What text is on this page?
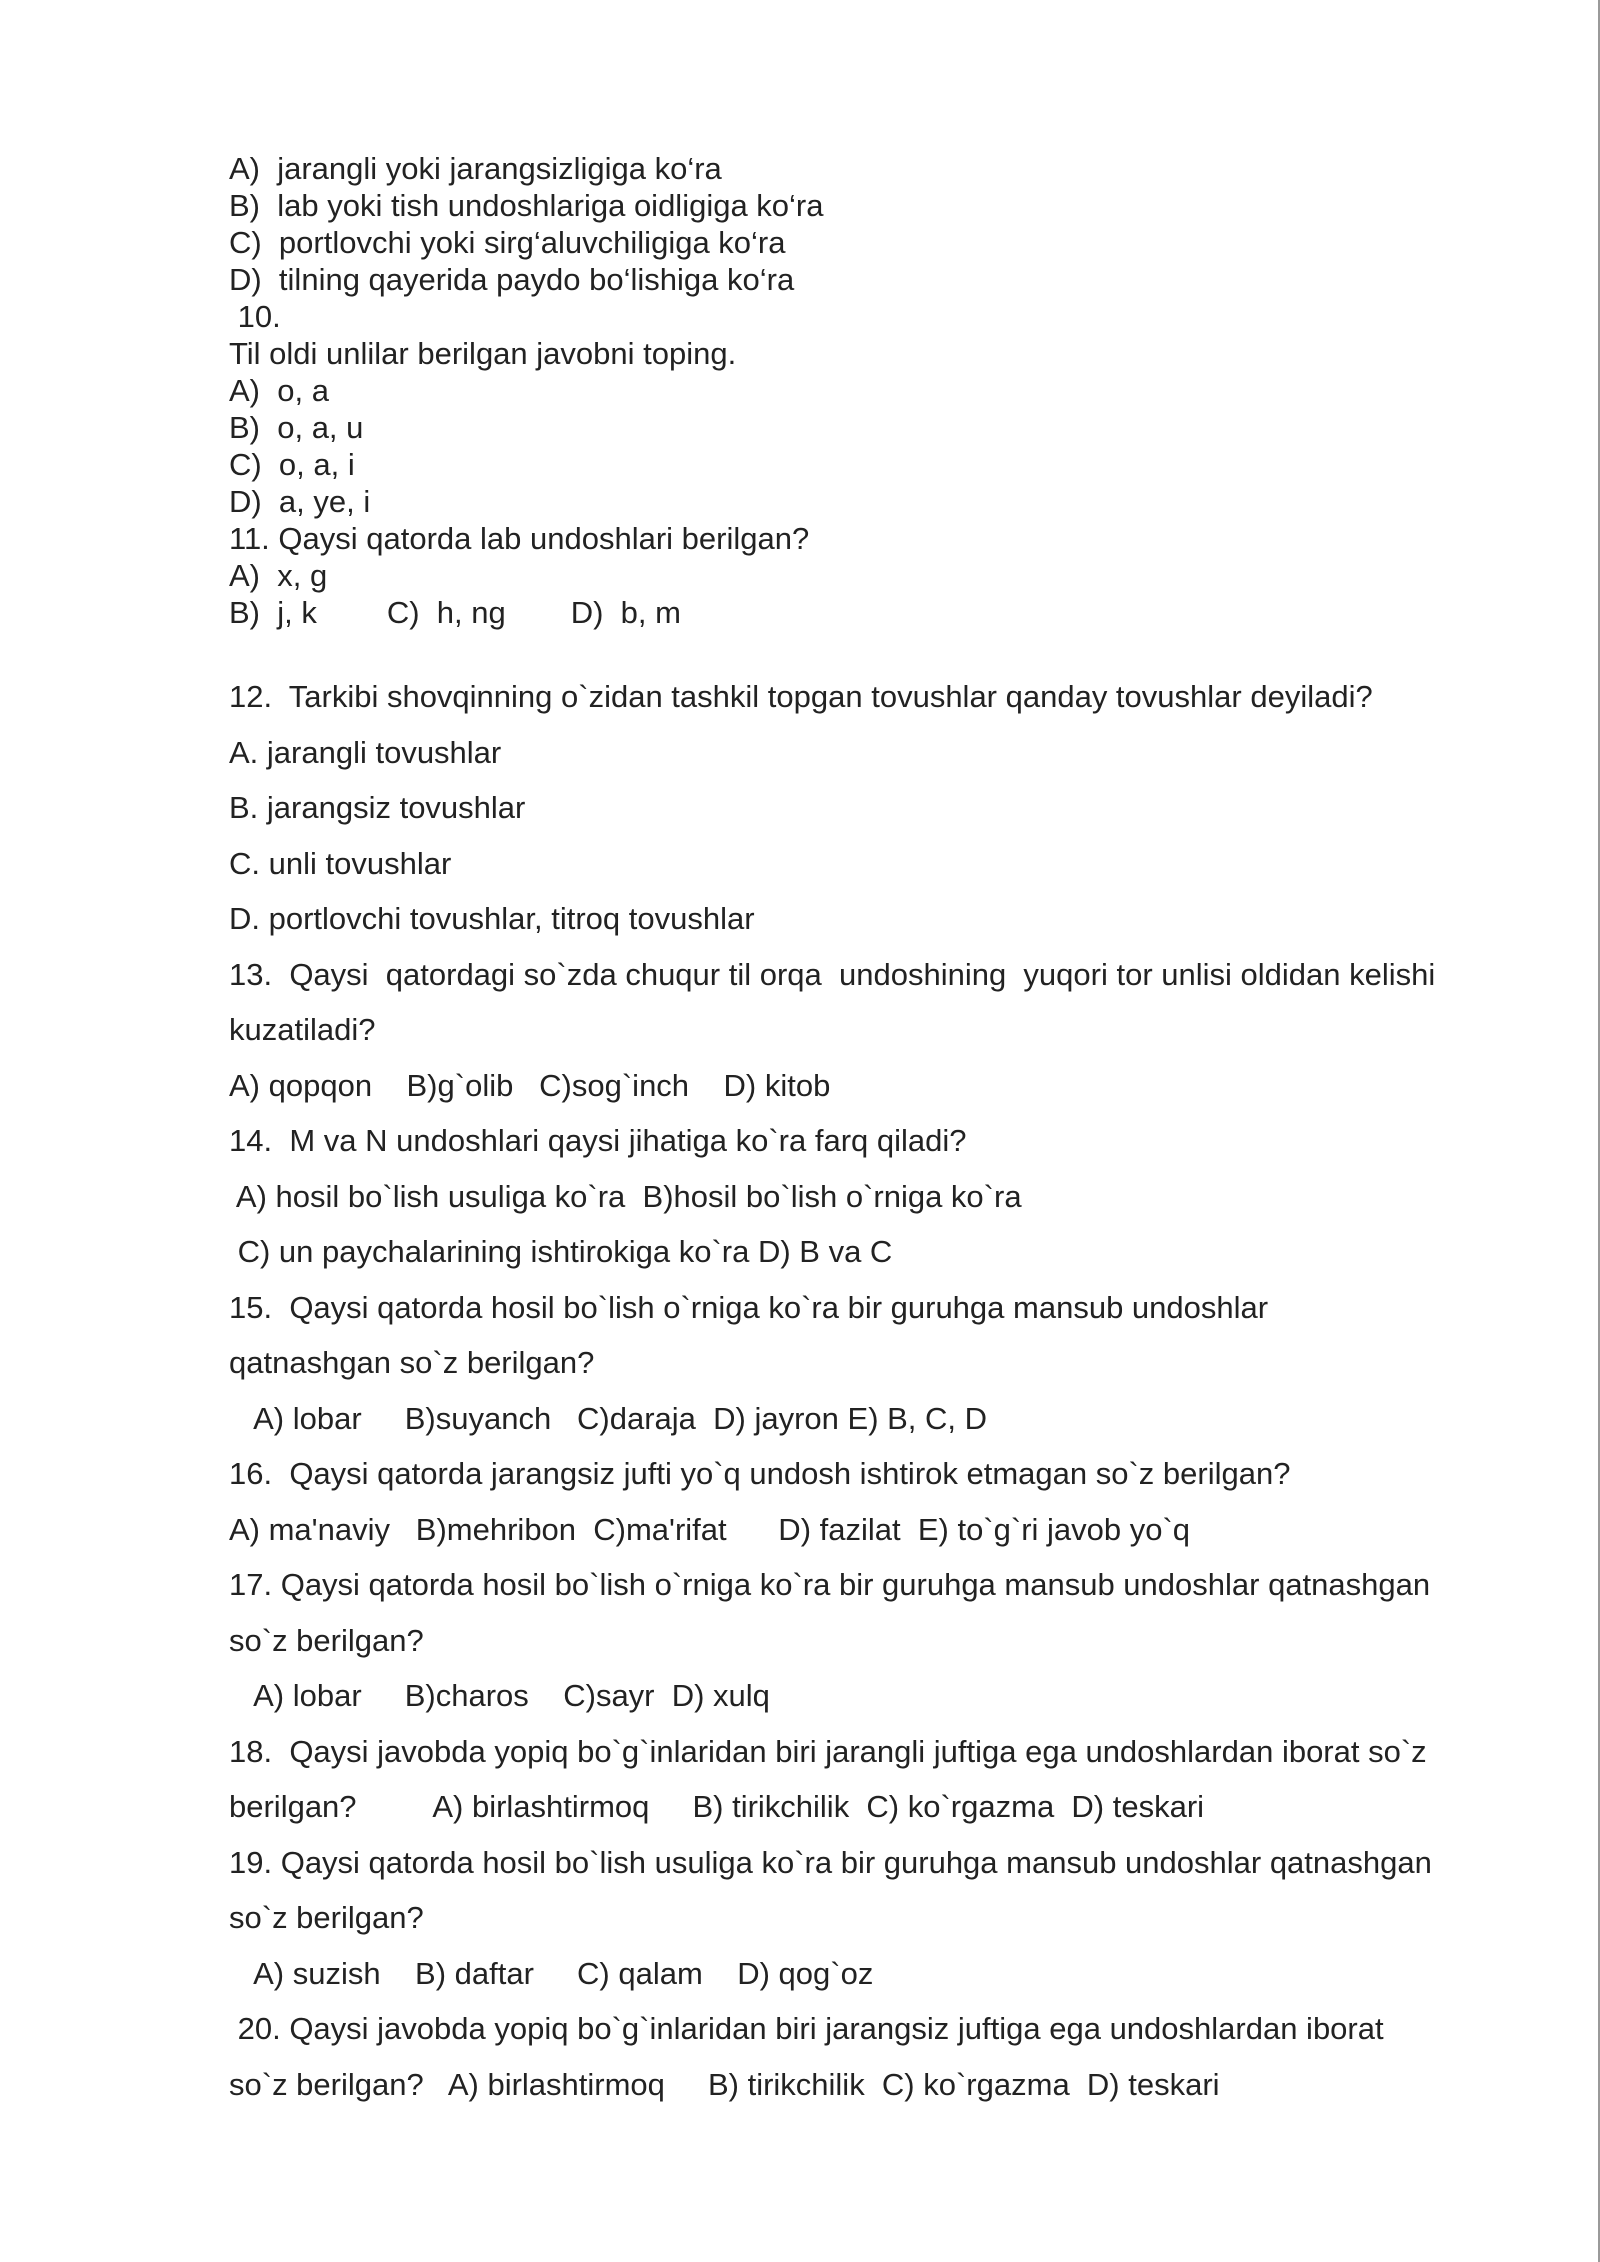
A)  jarangli yoki jarangsizligiga ko‘ra
B)  lab yoki tish undoshlariga oidligiga ko‘ra
C)  portlovchi yoki sirg‘aluvchiligiga ko‘ra
D)  tilning qayerida paydo bo‘lishiga ko‘ra
10.
Til oldi unlilar berilgan javobni toping.
A)  o, a
B)  o, a, u
C)  o, a, i
D)  a, ye, i
11. Qaysi qatorda lab undoshlari berilgan?
A)  x, g
B)  j, k C)  h, ng D)  b, m
12.  Tarkibi shovqinning o`zidan tashkil topgan tovushlar qanday tovushlar deyiladi?
A. jarangli tovushlar
B. jarangsiz tovushlar
C. unli tovushlar
D. portlovchi tovushlar, titroq tovushlar
13.  Qaysi  qatordagi so`zda chuqur til orqa  undoshining  yuqori tor unlisi oldidan kelishi
kuzatiladi?
A) qopqon    B)g`olib   C)sog`inch    D) kitob
14.  M va N undoshlari qaysi jihatiga ko`ra farq qiladi?
A) hosil bo`lish usuliga ko`ra  B)hosil bo`lish o`rniga ko`ra
C) un paychalarining ishtirokiga ko`ra D) B va C
15.  Qaysi qatorda hosil bo`lish o`rniga ko`ra bir guruhga mansub undoshlar
qatnashgan so`z berilgan?
A) lobar     B)suyanch   C)daraja  D) jayron E) B, C, D
16.  Qaysi qatorda jarangsiz jufti yo`q undosh ishtirok etmagan so`z berilgan?
A) ma'naviy   B)mehribon  C)ma'rifat      D) fazilat  E) to`g`ri javob yo`q
17. Qaysi qatorda hosil bo`lish o`rniga ko`ra bir guruhga mansub undoshlar qatnashgan
so`z berilgan?
A) lobar     B)charos    C)sayr  D) xulq
18.  Qaysi javobda yopiq bo`g`inlaridan biri jarangli juftiga ega undoshlardan iborat so`z
berilgan?         A) birlashtirmoq     B) tirikchilik  C) ko`rgazma  D) teskari
19. Qaysi qatorda hosil bo`lish usuliga ko`ra bir guruhga mansub undoshlar qatnashgan
so`z berilgan?
A) suzish    B) daftar     C) qalam    D) qog`oz
20. Qaysi javobda yopiq bo`g`inlaridan biri jarangsiz juftiga ega undoshlardan iborat
so`z berilgan?   A) birlashtirmoq     B) tirikchilik  C) ko`rgazma  D) teskari
